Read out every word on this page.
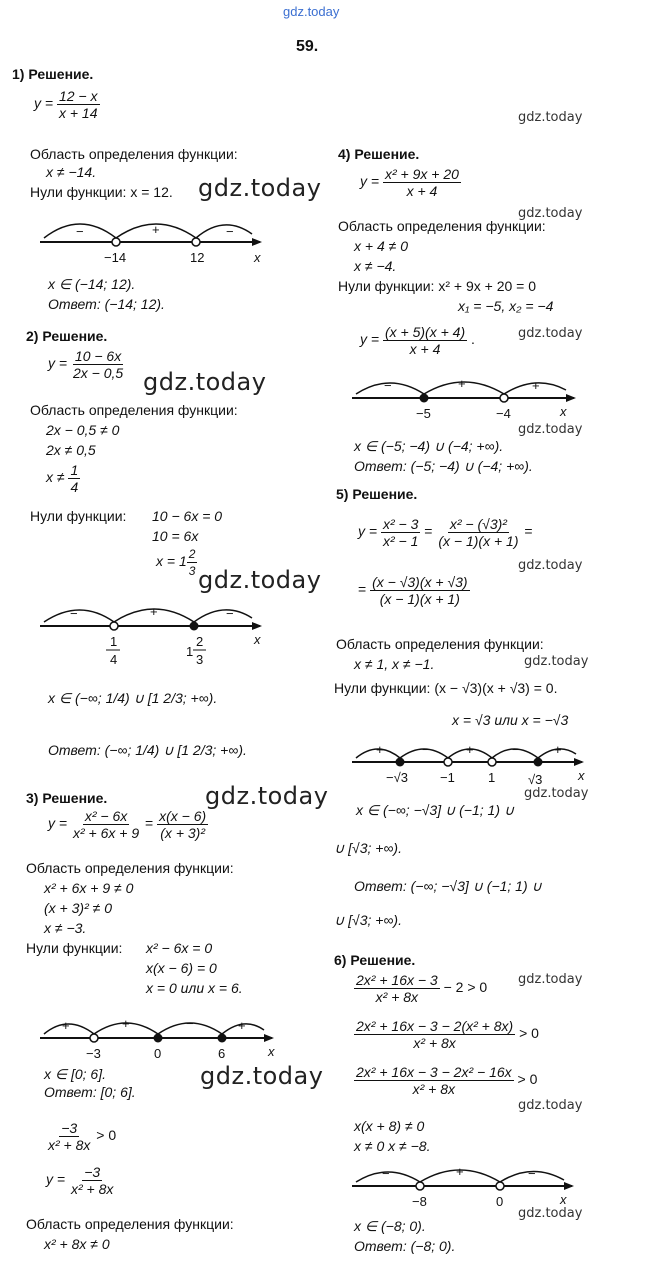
gdz.today
59.
gdz.today
gdz.today
gdz.today
gdz.today
gdz.today
gdz.today
gdz.today
gdz.today
gdz.today
gdz.today
gdz.today
gdz.today
gdz.today
gdz.today
gdz.today
1) Решение.
$y = \frac{12 - x}{x + 14}$
Область определения функции:
x ≠ −14.
Нули функции: x = 12.
−	+	−
−14	12	x
x ∈ (−14; 12).
Ответ: (−14; 12).
2) Решение.
$y = \frac{10 - 6x}{2x - 0,5}$
Область определения функции:
2x − 0,5 ≠ 0
2x ≠ 0,5
$x \ne \frac{1}{4}$
Нули функции: 10 − 6x = 0
10 = 6x
$x = 1 \frac{2}{3}$
−	+	−
1
4
1
2
3
x
x ∈ (−∞; 1/4) ∪ [1 2/3; +∞).
Ответ: (−∞; 1/4) ∪ [1 2/3; +∞).
3) Решение.
$y = \frac{\text{x² − 6x}}{\text{x² + 6x + 9}} = \frac{x(x - 6)}{\text{(x + 3)²}}$
Область определения функции:
x² + 6x + 9 ≠ 0
(x + 3)² ≠ 0
x ≠ −3.
Нули функции: x² − 6x = 0
x(x − 6) = 0
x = 0 или x = 6.
+	+	−	+
−3	0	6	x
x ∈ [0; 6].
Ответ: [0; 6].
$\frac{-3}{\text{x² + 8x}} > 0$
$y = \frac{-3}{\text{x² + 8x}}$
Область определения функции:
x² + 8x ≠ 0
4) Решение.
$y = \frac{\text{x² + 9x + 20}}{x + 4}$
Область определения функции:
x + 4 ≠ 0
x ≠ −4.
Нули функции: x² + 9x + 20 = 0
x₁ = −5, x₂ = −4
$y = \frac{(x + 5)(x + 4)}{x + 4}$ .
−	+	+
−5	−4	x
x ∈ (−5; −4) ∪ (−4; +∞).
Ответ: (−5; −4) ∪ (−4; +∞).
5) Решение.
$y = \frac{\text{x² − 3}}{\text{x² − 1}} = \frac{\text{x² − (√3)²}}{(x - 1)(x + 1)}$ =
= $\frac{(x - √3)(x + √3)}{(x - 1)(x + 1)}$
Область определения функции:
x ≠ 1, x ≠ −1.
Нули функции: (x − √3)(x + √3) = 0.
x = √3 или x = −√3
+	−	+	−	+
−√3 −1	1	√3	x
x ∈ (−∞; −√3] ∪ (−1; 1) ∪
∪ [√3; +∞).
Ответ: (−∞; −√3] ∪ (−1; 1) ∪
∪ [√3; +∞).
6) Решение.
$\frac{\text{2x² + 16x − 3}}{\text{x² + 8x}} - 2 > 0$
$\frac{\text{2x² + 16x − 3 − 2(x² + 8x)}}{\text{x² + 8x}} > 0$
$\frac{\text{2x² + 16x − 3 − 2x² − 16x}}{\text{x² + 8x}} > 0$
x(x + 8) ≠ 0
x ≠ 0 x ≠ −8.
−	+	−
−8	0	x
x ∈ (−8; 0).
Ответ: (−8; 0).
